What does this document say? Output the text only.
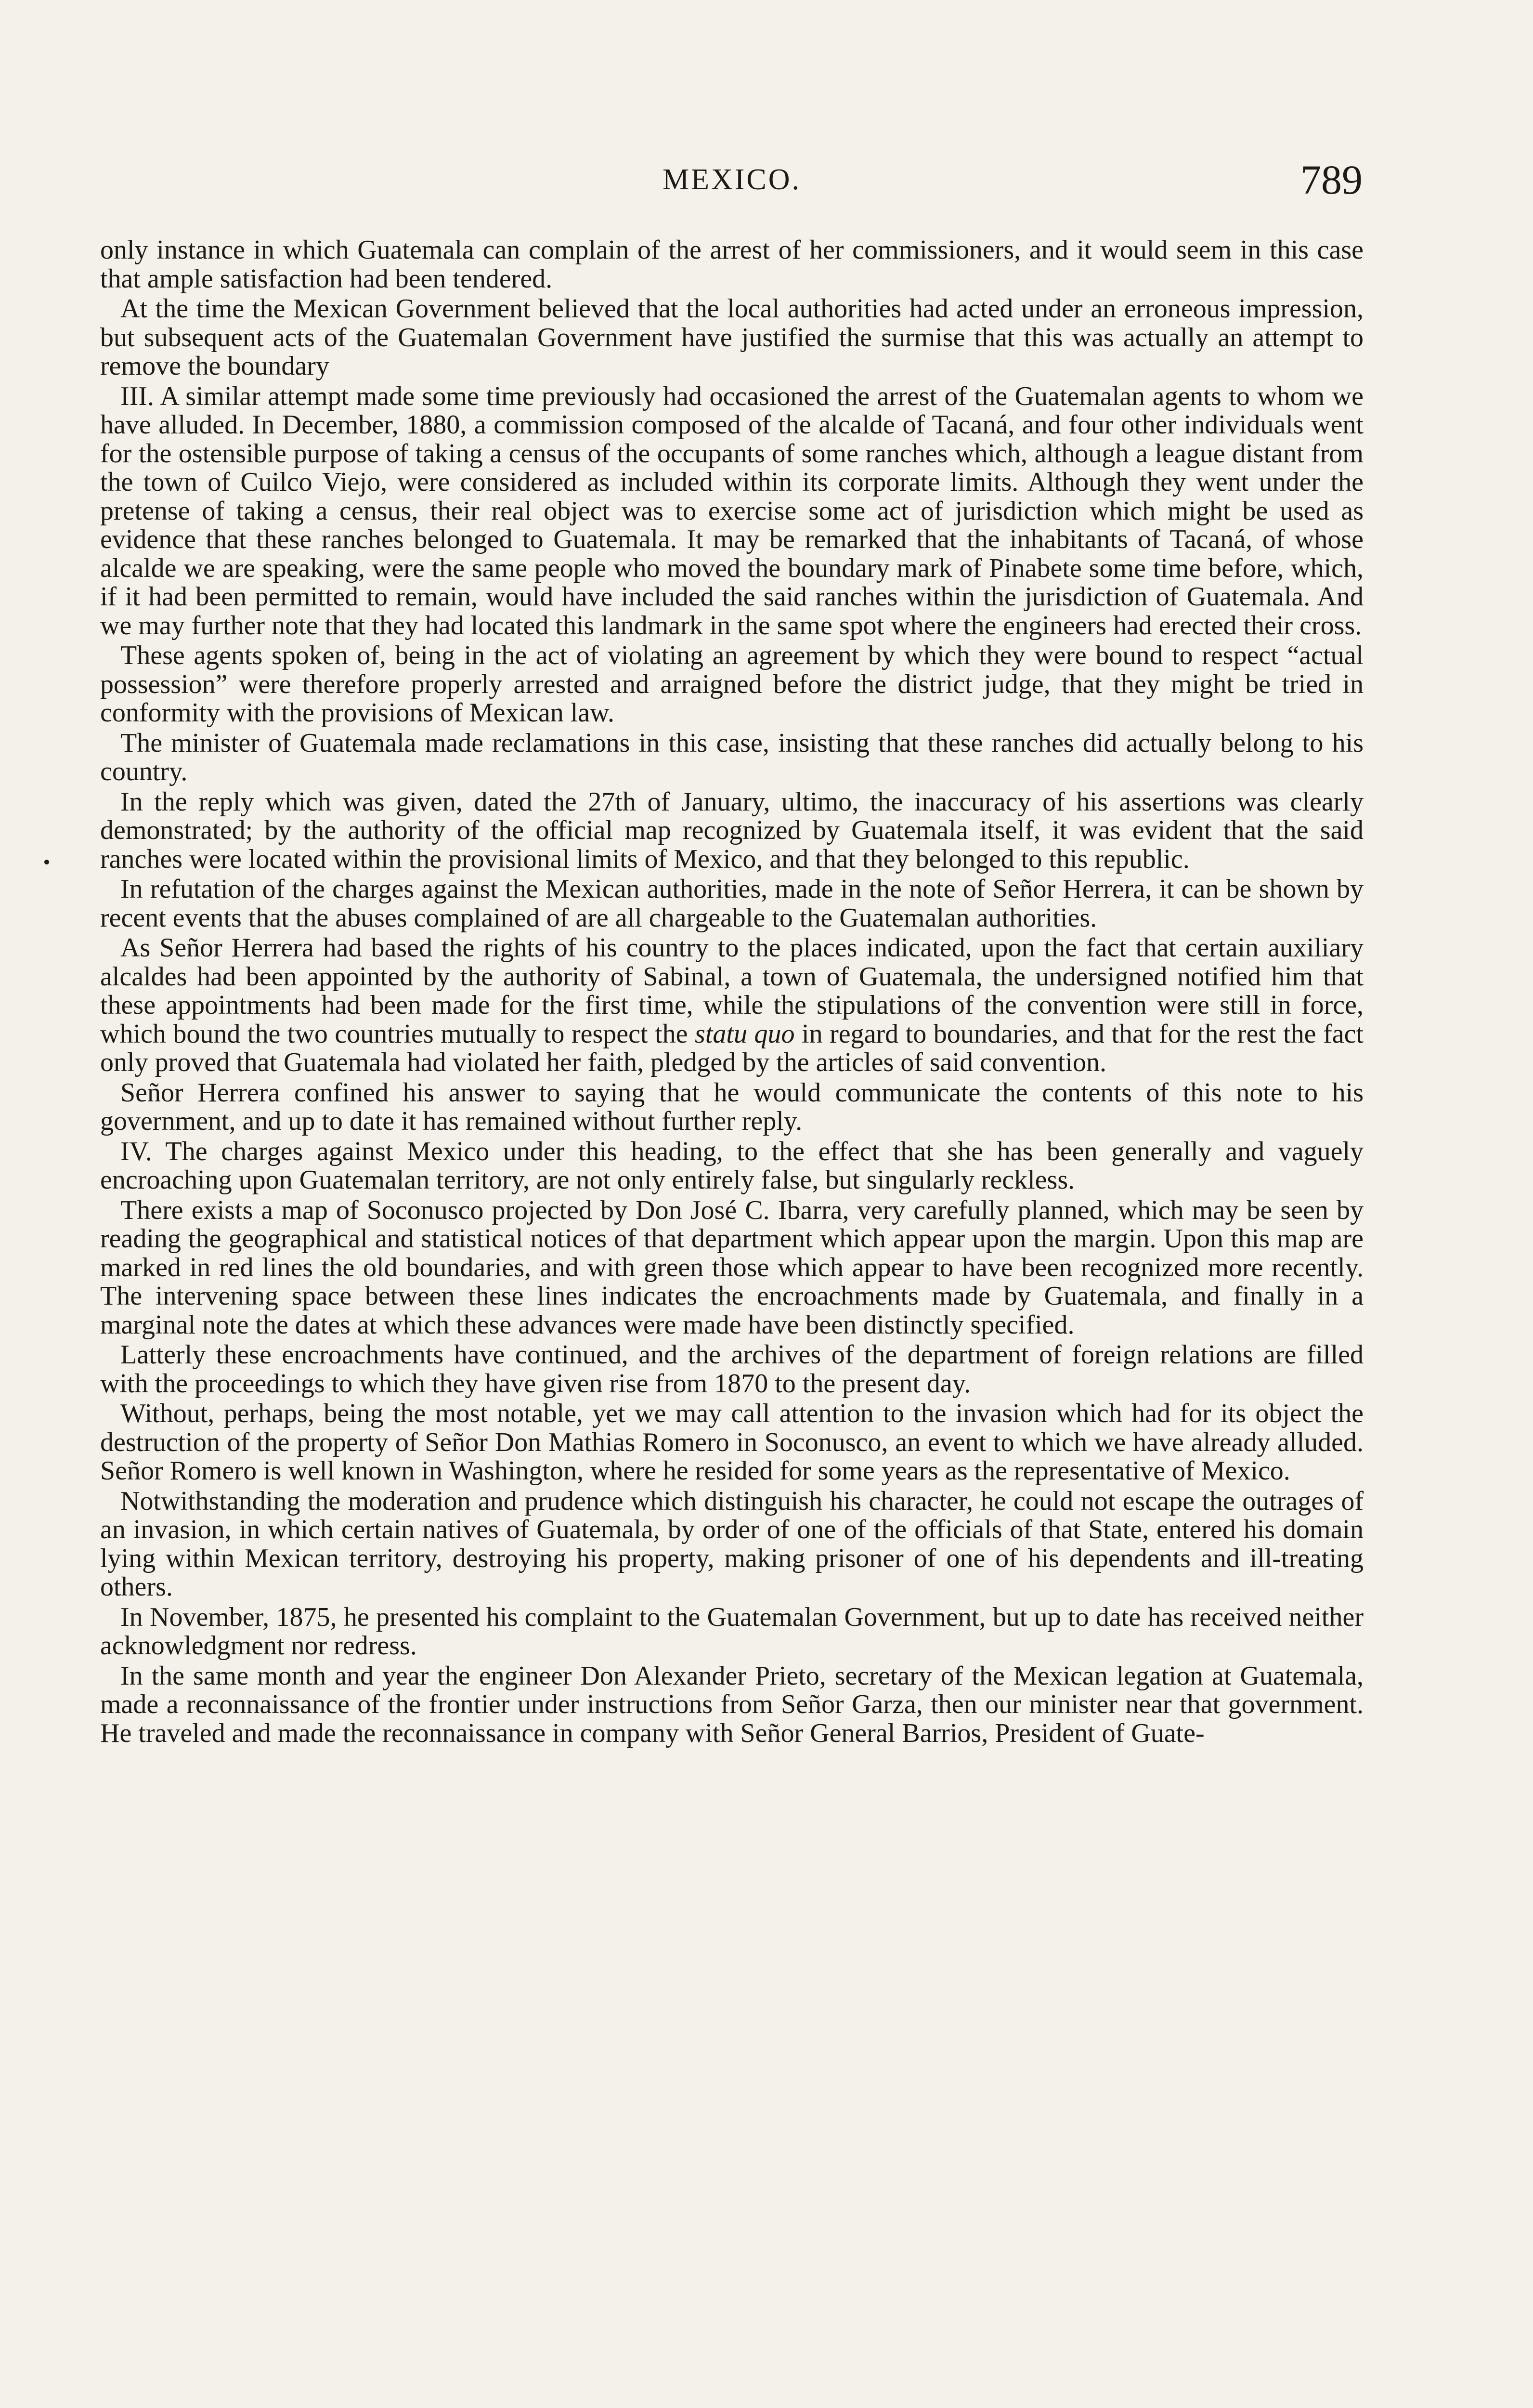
MEXICO.	789

only instance in which Guatemala can complain of the arrest of her commissioners, and it would seem in this case that ample satisfaction had been tendered.

At the time the Mexican Government believed that the local authorities had acted under an erroneous impression, but subsequent acts of the Guatemalan Government have justified the surmise that this was actually an attempt to remove the boundary

III. A similar attempt made some time previously had occasioned the arrest of the Guatemalan agents to whom we have alluded. In December, 1880, a commission composed of the alcalde of Tacaná, and four other individuals went for the ostensible purpose of taking a census of the occupants of some ranches which, although a league distant from the town of Cuilco Viejo, were considered as included within its corporate limits. Although they went under the pretense of taking a census, their real object was to exercise some act of jurisdiction which might be used as evidence that these ranches belonged to Guatemala. It may be remarked that the inhabitants of Tacaná, of whose alcalde we are speaking, were the same people who moved the boundary mark of Pinabete some time before, which, if it had been permitted to remain, would have included the said ranches within the jurisdiction of Guatemala. And we may further note that they had located this landmark in the same spot where the engineers had erected their cross.

These agents spoken of, being in the act of violating an agreement by which they were bound to respect “actual possession” were therefore properly arrested and arraigned before the district judge, that they might be tried in conformity with the provisions of Mexican law.

The minister of Guatemala made reclamations in this case, insisting that these ranches did actually belong to his country.

In the reply which was given, dated the 27th of January, ultimo, the inaccuracy of his assertions was clearly demonstrated; by the authority of the official map recognized by Guatemala itself, it was evident that the said ranches were located within the provisional limits of Mexico, and that they belonged to this republic.

In refutation of the charges against the Mexican authorities, made in the note of Señor Herrera, it can be shown by recent events that the abuses complained of are all chargeable to the Guatemalan authorities.

As Señor Herrera had based the rights of his country to the places indicated, upon the fact that certain auxiliary alcaldes had been appointed by the authority of Sabinal, a town of Guatemala, the undersigned notified him that these appointments had been made for the first time, while the stipulations of the convention were still in force, which bound the two countries mutually to respect the statu quo in regard to boundaries, and that for the rest the fact only proved that Guatemala had violated her faith, pledged by the articles of said convention.

Señor Herrera confined his answer to saying that he would communicate the contents of this note to his government, and up to date it has remained without further reply.

IV. The charges against Mexico under this heading, to the effect that she has been generally and vaguely encroaching upon Guatemalan territory, are not only entirely false, but singularly reckless.

There exists a map of Soconusco projected by Don José C. Ibarra, very carefully planned, which may be seen by reading the geographical and statistical notices of that department which appear upon the margin. Upon this map are marked in red lines the old boundaries, and with green those which appear to have been recognized more recently. The intervening space between these lines indicates the encroachments made by Guatemala, and finally in a marginal note the dates at which these advances were made have been distinctly specified.

Latterly these encroachments have continued, and the archives of the department of foreign relations are filled with the proceedings to which they have given rise from 1870 to the present day.

Without, perhaps, being the most notable, yet we may call attention to the invasion which had for its object the destruction of the property of Señor Don Mathias Romero in Soconusco, an event to which we have already alluded. Señor Romero is well known in Washington, where he resided for some years as the representative of Mexico.

Notwithstanding the moderation and prudence which distinguish his character, he could not escape the outrages of an invasion, in which certain natives of Guatemala, by order of one of the officials of that State, entered his domain lying within Mexican territory, destroying his property, making prisoner of one of his dependents and ill-treating others.

In November, 1875, he presented his complaint to the Guatemalan Government, but up to date has received neither acknowledgment nor redress.

In the same month and year the engineer Don Alexander Prieto, secretary of the Mexican legation at Guatemala, made a reconnaissance of the frontier under instructions from Señor Garza, then our minister near that government. He traveled and made the reconnaissance in company with Señor General Barrios, President of Guate-
